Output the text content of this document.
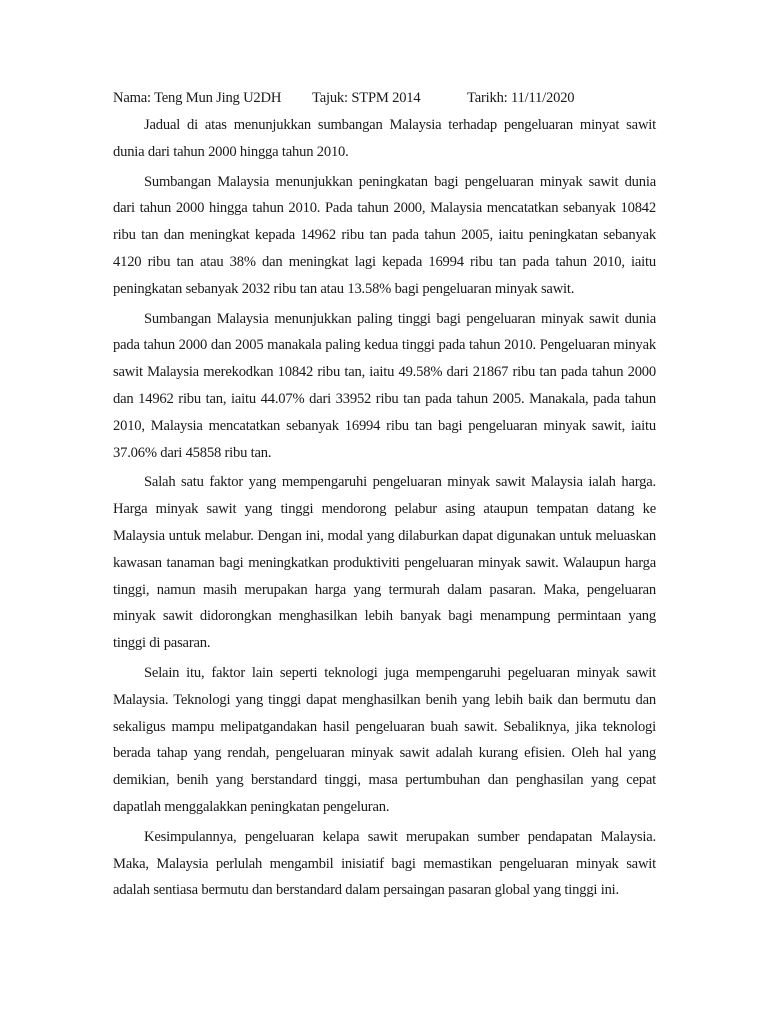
Nama: Teng Mun Jing U2DH Tajuk: STPM 2014	Tarikh: 11/11/2020

Jadual di atas menunjukkan sumbangan Malaysia terhadap pengeluaran minyat sawit dunia dari tahun 2000 hingga tahun 2010.

Sumbangan Malaysia menunjukkan peningkatan bagi pengeluaran minyak sawit dunia dari tahun 2000 hingga tahun 2010. Pada tahun 2000, Malaysia mencatatkan sebanyak 10842 ribu tan dan meningkat kepada 14962 ribu tan pada tahun 2005, iaitu peningkatan sebanyak 4120 ribu tan atau 38% dan meningkat lagi kepada 16994 ribu tan pada tahun 2010, iaitu peningkatan sebanyak 2032 ribu tan atau 13.58% bagi pengeluaran minyak sawit.

Sumbangan Malaysia menunjukkan paling tinggi bagi pengeluaran minyak sawit dunia pada tahun 2000 dan 2005 manakala paling kedua tinggi pada tahun 2010. Pengeluaran minyak sawit Malaysia merekodkan 10842 ribu tan, iaitu 49.58% dari 21867 ribu tan pada tahun 2000 dan 14962 ribu tan, iaitu 44.07% dari 33952 ribu tan pada tahun 2005. Manakala, pada tahun 2010, Malaysia mencatatkan sebanyak 16994 ribu tan bagi pengeluaran minyak sawit, iaitu 37.06% dari 45858 ribu tan.

Salah satu faktor yang mempengaruhi pengeluaran minyak sawit Malaysia ialah harga. Harga minyak sawit yang tinggi mendorong pelabur asing ataupun tempatan datang ke Malaysia untuk melabur. Dengan ini, modal yang dilaburkan dapat digunakan untuk meluaskan kawasan tanaman bagi meningkatkan produktiviti pengeluaran minyak sawit. Walaupun harga tinggi, namun masih merupakan harga yang termurah dalam pasaran. Maka, pengeluaran minyak sawit didorongkan menghasilkan lebih banyak bagi menampung permintaan yang tinggi di pasaran.

Selain itu, faktor lain seperti teknologi juga mempengaruhi pegeluaran minyak sawit Malaysia. Teknologi yang tinggi dapat menghasilkan benih yang lebih baik dan bermutu dan sekaligus mampu melipatgandakan hasil pengeluaran buah sawit. Sebaliknya, jika teknologi berada tahap yang rendah, pengeluaran minyak sawit adalah kurang efisien. Oleh hal yang demikian, benih yang berstandard tinggi, masa pertumbuhan dan penghasilan yang cepat dapatlah menggalakkan peningkatan pengeluran.

Kesimpulannya, pengeluaran kelapa sawit merupakan sumber pendapatan Malaysia. Maka, Malaysia perlulah mengambil inisiatif bagi memastikan pengeluaran minyak sawit adalah sentiasa bermutu dan berstandard dalam persaingan pasaran global yang tinggi ini.
